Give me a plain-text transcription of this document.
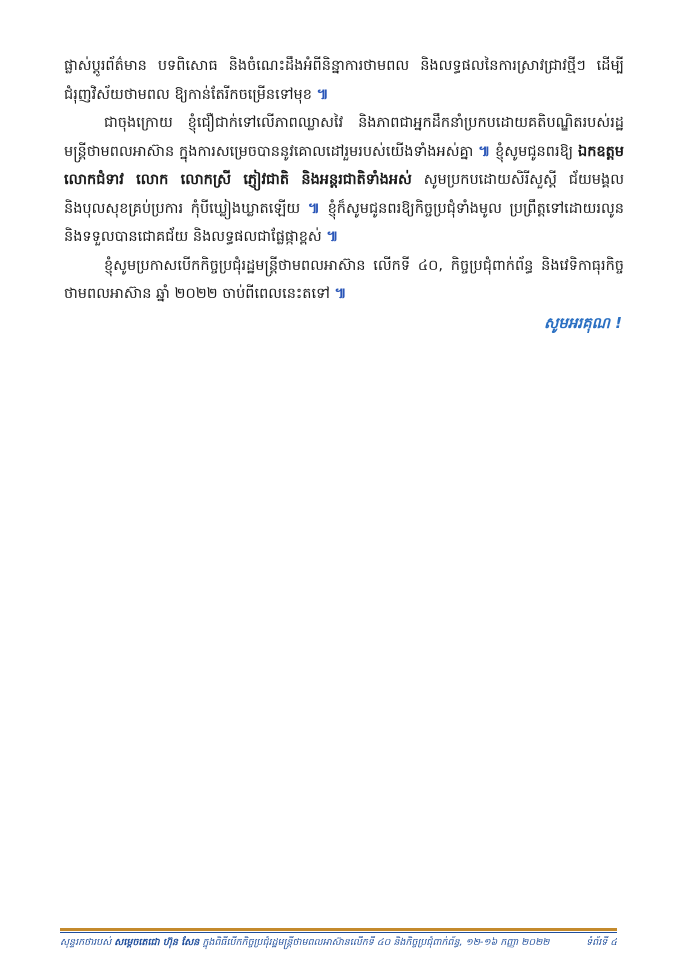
ផ្លាស់ប្ដូរព័ត៌មាន បទពិសោធ និងចំណេះដឹងអំពីនិន្នាការថាមពល និងលទ្ធផលនៃការស្រាវជ្រាវថ្មីៗ ដើម្បីជំរុញវិស័យថាមពល ឱ្យកាន់តែរីកចម្រើនទៅមុខ ៕

ជាចុងក្រោយ ខ្ញុំជឿជាក់ទៅលើភាពឈ្លាសវៃ និងភាពជាអ្នកដឹកនាំប្រកបដោយគតិបណ្ឌិតរបស់រដ្ឋមន្ត្រីថាមពលអាស៊ាន ក្នុងការសម្រេចបាននូវគោលដៅរួមរបស់យើងទាំងអស់គ្នា ៕ ខ្ញុំសូមជូនពរឱ្យ ឯកឧត្ដម លោកជំទាវ លោក លោកស្រី ភ្ញៀវជាតិ និងអន្តរជាតិទាំងអស់ សូមប្រកបដោយសិរីសួស្ដី ជ័យមង្គល និងបុលសុខគ្រប់ប្រការ កុំបីឃ្លៀងឃ្លាតឡើយ ៕ ខ្ញុំក៏សូមជូនពរឱ្យកិច្ចប្រជុំទាំងមូល ប្រព្រឹត្តទៅដោយរលូន និងទទួលបានជោគជ័យ និងលទ្ធផលជាផ្លែផ្កាខ្ពស់ ៕

ខ្ញុំសូមប្រកាសបើកកិច្ចប្រជុំរដ្ឋមន្ត្រីថាមពលអាស៊ាន លើកទី ៤០, កិច្ចប្រជុំពាក់ព័ន្ធ និងវេទិកាធុរកិច្ចថាមពលអាស៊ាន ឆ្នាំ ២០២២ ចាប់ពីពេលនេះតទៅ ៕

សូមអរគុណ !
សុន្ទរកថារបស់ សម្ដេចតេជោ ហ៊ុន សែន ក្នុងពិធីបើកកិច្ចប្រជុំរដ្ឋមន្ត្រីថាមពលអាស៊ានលើកទី ៤០ និងកិច្ចប្រជុំពាក់ព័ន្ធ, ១២-១៦ កញ្ញា ២០២២	ទំព័រទី ៤
